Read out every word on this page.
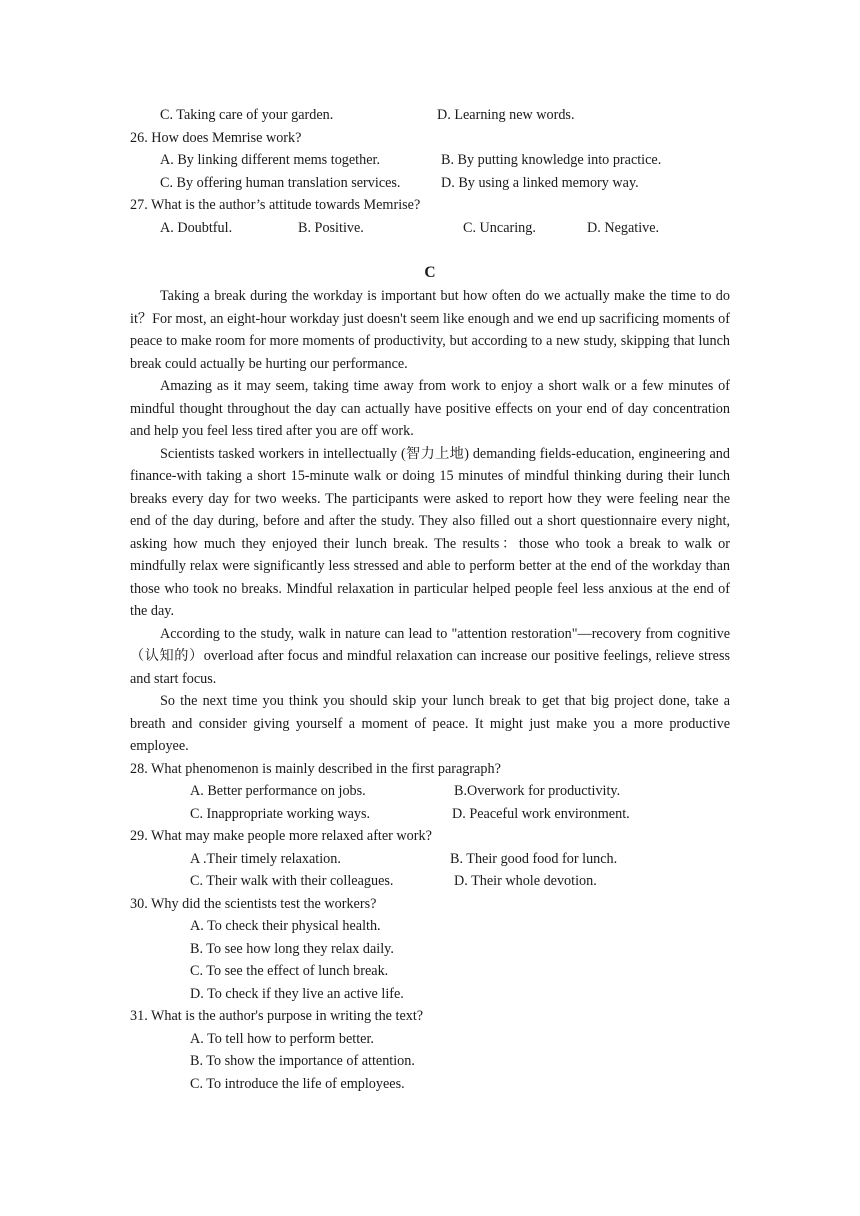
C. Taking care of your garden.	D. Learning new words.
26. How does Memrise work?
A. By linking different mems together.	B. By putting knowledge into practice.
C. By offering human translation services.	D. By using a linked memory way.
27. What is the author’s attitude towards Memrise?
A. Doubtful.	B. Positive.	C. Uncaring.	D. Negative.
C

Taking a break during the workday is important but how often do we actually make the time to do it？For most, an eight-hour workday just doesn't seem like enough and we end up sacrificing moments of peace to make room for more moments of productivity, but according to a new study, skipping that lunch break could actually be hurting our performance.

Amazing as it may seem, taking time away from work to enjoy a short walk or a few minutes of mindful thought throughout the day can actually have positive effects on your end of day concentration and help you feel less tired after you are off work.

Scientists tasked workers in intellectually (智力上地) demanding fields-education, engineering and finance-with taking a short 15-minute walk or doing 15 minutes of mindful thinking during their lunch breaks every day for two weeks. The participants were asked to report how they were feeling near the end of the day during, before and after the study. They also filled out a short questionnaire every night, asking how much they enjoyed their lunch break. The results：those who took a break to walk or mindfully relax were significantly less stressed and able to perform better at the end of the workday than those who took no breaks. Mindful relaxation in particular helped people feel less anxious at the end of the day.

According to the study, walk in nature can lead to "attention restoration"—recovery from cognitive（认知的）overload after focus and mindful relaxation can increase our positive feelings, relieve stress and start focus.

So the next time you think you should skip your lunch break to get that big project done, take a breath and consider giving yourself a moment of peace. It might just make you a more productive employee.

28. What phenomenon is mainly described in the first paragraph?
A. Better performance on jobs.	B.Overwork for productivity.
C. Inappropriate working ways.	D. Peaceful work environment.
29. What may make people more relaxed after work?
A .Their timely relaxation.	B. Their good food for lunch.
C. Their walk with their colleagues.	D. Their whole devotion.
30. Why did the scientists test the workers?
A. To check their physical health.
B. To see how long they relax daily.
C. To see the effect of lunch break.
D. To check if they live an active life.
31. What is the author's purpose in writing the text?
A. To tell how to perform better.
B. To show the importance of attention.
C. To introduce the life of employees.
